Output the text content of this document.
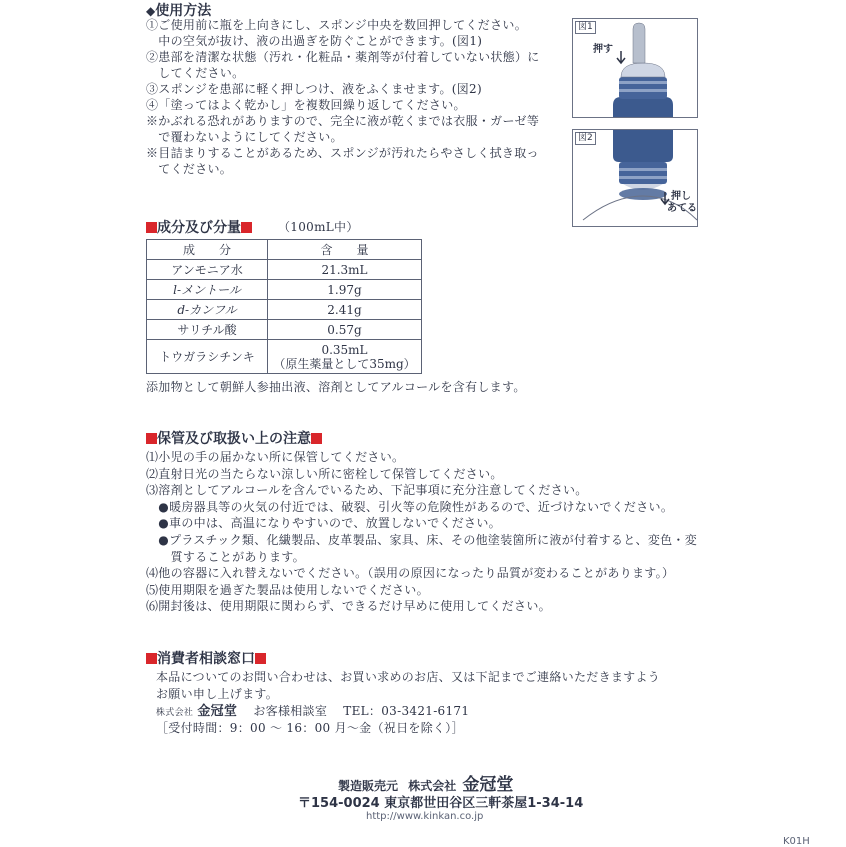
◆使用方法
①ご使用前に瓶を上向きにし、スポンジ中央を数回押してください。
　中の空気が抜け、液の出過ぎを防ぐことができます。(図1)
②患部を清潔な状態（汚れ・化粧品・薬剤等が付着していない状態）に
　してください。
③スポンジを患部に軽く押しつけ、液をふくませます。(図2)
④「塗ってはよく乾かし」を複数回繰り返してください。
※かぶれる恐れがありますので、完全に液が乾くまでは衣服・ガーゼ等
　で覆わないようにしてください。
※目詰まりすることがあるため、スポンジが汚れたらやさしく拭き取っ
　てください。
図1
押す
図2
押し
あてる
成分及び分量	（100mL中）
成　　分	含　　量
アンモニア水	21.3mL
l-メントール	1.97g
d-カンフル	2.41g
サリチル酸	0.57g
トウガラシチンキ	0.35mL
（原生薬量として35mg）
添加物として朝鮮人参抽出液、溶剤としてアルコールを含有します。
保管及び取扱い上の注意
⑴小児の手の届かない所に保管してください。
⑵直射日光の当たらない涼しい所に密栓して保管してください。
⑶溶剤としてアルコールを含んでいるため、下記事項に充分注意してください。
　●暖房器具等の火気の付近では、破裂、引火等の危険性があるので、近づけないでください。
　●車の中は、高温になりやすいので、放置しないでください。
　●プラスチック類、化繊製品、皮革製品、家具、床、その他塗装箇所に液が付着すると、変色・変
　　質することがあります。
⑷他の容器に入れ替えないでください。（誤用の原因になったり品質が変わることがあります。）
⑸使用期限を過ぎた製品は使用しないでください。
⑹開封後は、使用期限に関わらず、できるだけ早めに使用してください。
消費者相談窓口
本品についてのお問い合わせは、お買い求めのお店、又は下記までご連絡いただきますよう
お願い申し上げます。
株式会社 金冠堂 お客様相談室 TEL：03-3421-6171
［受付時間：9：00 ～ 16：00 月～金（祝日を除く）］
製造販売元 株式会社 金冠堂
〒154-0024 東京都世田谷区三軒茶屋1-34-14
http://www.kinkan.co.jp
K01H
